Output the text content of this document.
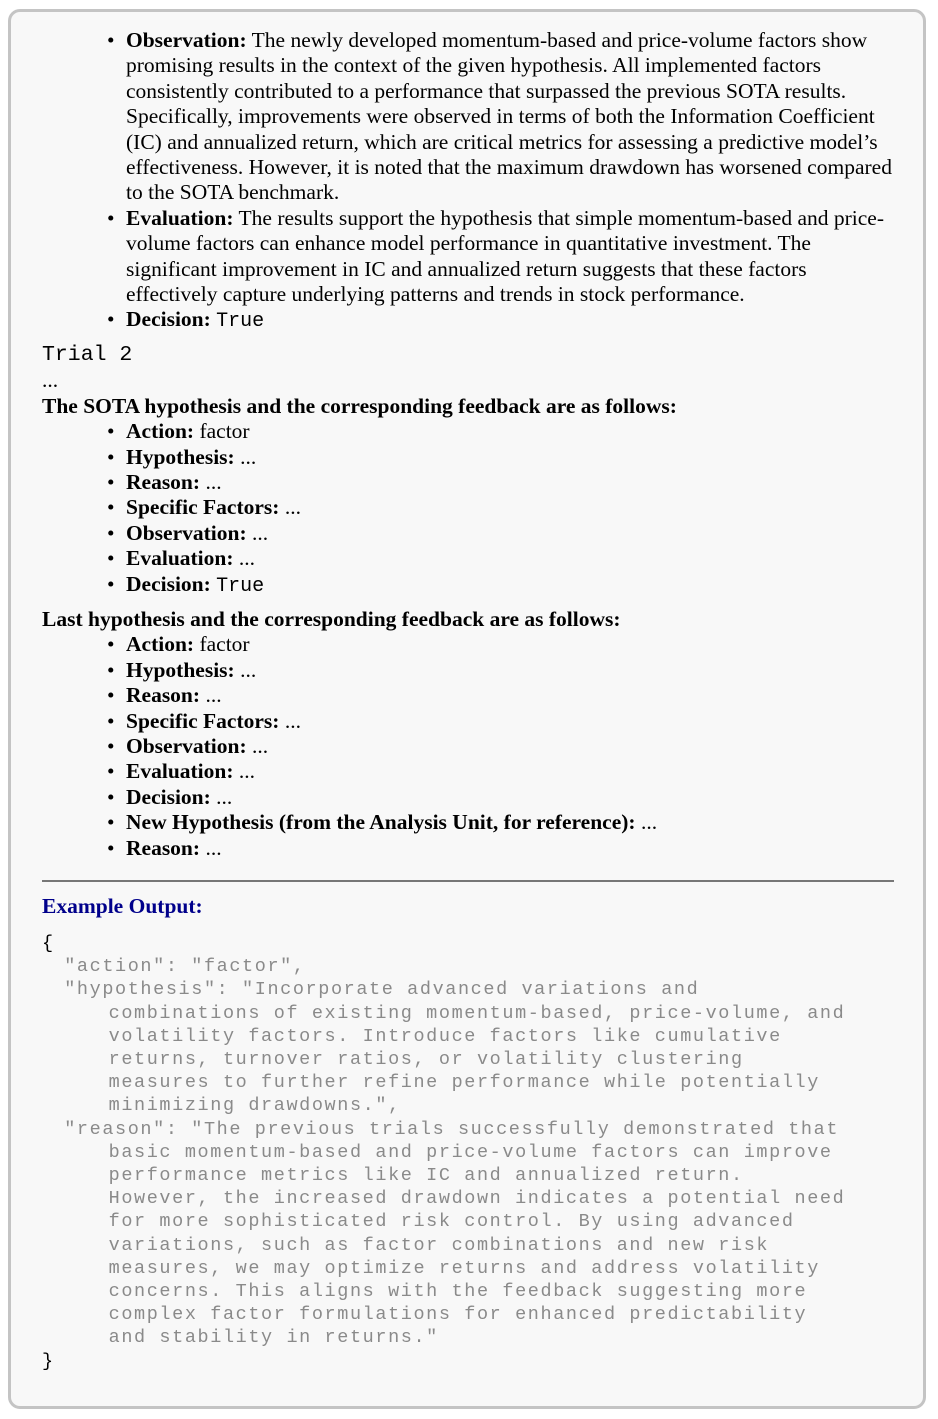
• Observation: The newly developed momentum-based and price-volume factors show promising results in the context of the given hypothesis. All implemented factors consistently contributed to a performance that surpassed the previous SOTA results. Specifically, improvements were observed in terms of both the Information Coefficient (IC) and annualized return, which are critical metrics for assessing a predictive model’s effectiveness. However, it is noted that the maximum drawdown has worsened compared to the SOTA benchmark.
• Evaluation: The results support the hypothesis that simple momentum-based and price-volume factors can enhance model performance in quantitative investment. The significant improvement in IC and annualized return suggests that these factors effectively capture underlying patterns and trends in stock performance.
• Decision: True
Trial 2
...
The SOTA hypothesis and the corresponding feedback are as follows:
• Action: factor
• Hypothesis: ...
• Reason: ...
• Specific Factors: ...
• Observation: ...
• Evaluation: ...
• Decision: True
Last hypothesis and the corresponding feedback are as follows:
• Action: factor
• Hypothesis: ...
• Reason: ...
• Specific Factors: ...
• Observation: ...
• Evaluation: ...
• Decision: ...
• New Hypothesis (from the Analysis Unit, for reference): ...
• Reason: ...
Example Output:
{
"action": "factor",
"hypothesis": "Incorporate advanced variations and
combinations of existing momentum-based, price-volume, and
volatility factors. Introduce factors like cumulative
returns, turnover ratios, or volatility clustering
measures to further refine performance while potentially
minimizing drawdowns.",
"reason": "The previous trials successfully demonstrated that
basic momentum-based and price-volume factors can improve
performance metrics like IC and annualized return.
However, the increased drawdown indicates a potential need
for more sophisticated risk control. By using advanced
variations, such as factor combinations and new risk
measures, we may optimize returns and address volatility
concerns. This aligns with the feedback suggesting more
complex factor formulations for enhanced predictability
and stability in returns."
}
